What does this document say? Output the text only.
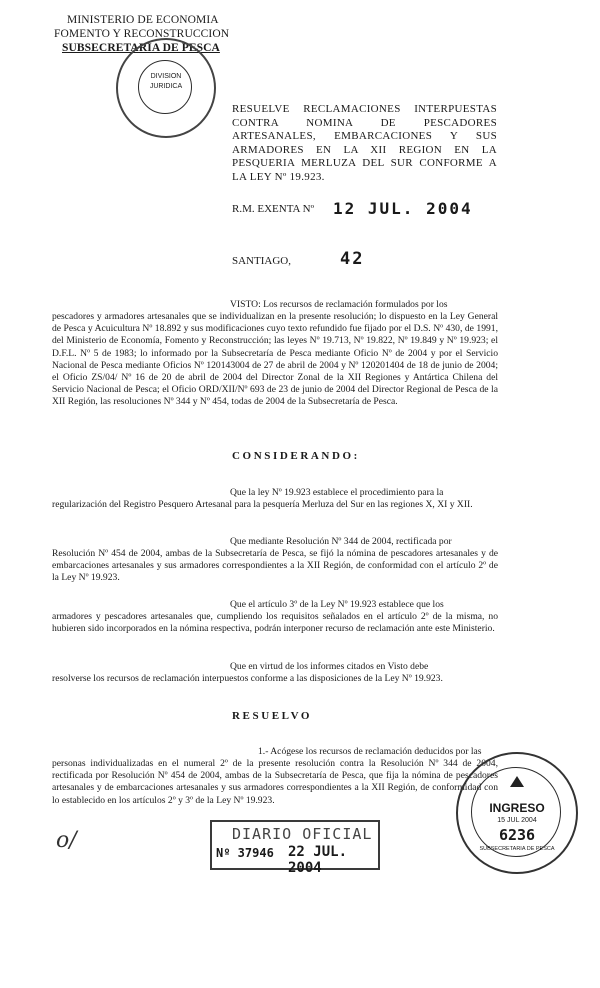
MINISTERIO DE ECONOMIA
FOMENTO Y RECONSTRUCCION
SUBSECRETARIA DE PESCA
DIVISION
JURIDICA
RESUELVE RECLAMACIONES INTERPUESTAS CONTRA NOMINA DE PESCADORES ARTESANALES, EMBARCACIONES Y SUS ARMADORES EN LA XII REGION EN LA PESQUERIA MERLUZA DEL SUR CONFORME A LA LEY Nº 19.923.
R.M. EXENTA Nº 12 JUL. 2004
SANTIAGO,	42
VISTO: Los recursos de reclamación formulados por los
pescadores y armadores artesanales que se individualizan en la presente resolución; lo dispuesto en la Ley General de Pesca y Acuicultura Nº 18.892 y sus modificaciones cuyo texto refundido fue fijado por el D.S. Nº 430, de 1991, del Ministerio de Economía, Fomento y Reconstrucción; las leyes Nº 19.713, Nº 19.822, Nº 19.849 y Nº 19.923; el D.F.L. Nº 5 de 1983; lo informado por la Subsecretaría de Pesca mediante Oficio Nº de 2004 y por el Servicio Nacional de Pesca mediante Oficios Nº 120143004 de 27 de abril de 2004 y Nº 120201404 de 18 de junio de 2004; el Oficio ZS/04/ Nº 16 de 20 de abril de 2004 del Director Zonal de la XII Regiones y Antártica Chilena del Servicio Nacional de Pesca; el Oficio ORD/XII/Nº 693 de 23 de junio de 2004 del Director Regional de Pesca de la XII Región, las resoluciones Nº 344 y Nº 454, todas de 2004 de la Subsecretaría de Pesca.
CONSIDERANDO:
Que la ley Nº 19.923 establece el procedimiento para la
regularización del Registro Pesquero Artesanal para la pesquería Merluza del Sur en las regiones X, XI y XII.
Que mediante Resolución Nº 344 de 2004, rectificada por
Resolución Nº 454 de 2004, ambas de la Subsecretaría de Pesca, se fijó la nómina de pescadores artesanales y de embarcaciones artesanales y sus armadores correspondientes a la XII Región, de conformidad con el artículo 2º de la Ley Nº 19.923.
Que el artículo 3º de la Ley Nº 19.923 establece que los
armadores y pescadores artesanales que, cumpliendo los requisitos señalados en el artículo 2º de la misma, no hubieren sido incorporados en la nómina respectiva, podrán interponer recurso de reclamación ante este Ministerio.
Que en virtud de los informes citados en Visto debe
resolverse los recursos de reclamación interpuestos conforme a las disposiciones de la Ley Nº 19.923.
RESUELVO
1.- Acógese los recursos de reclamación deducidos por las
personas individualizadas en el numeral 2º de la presente resolución contra la Resolución Nº 344 de 2004, rectificada por Resolución Nº 454 de 2004, ambas de la Subsecretaría de Pesca, que fija la nómina de pescadores artesanales y de embarcaciones artesanales y sus armadores correspondientes a la XII Región, de conformidad con lo establecido en los artículos 2º y 3º de la Ley Nº 19.923.
DIARIO OFICIAL
Nº 37946 22 JUL. 2004
INGRESO
15 JUL 2004
6236
SUBSECRETARIA DE PESCA
o/
